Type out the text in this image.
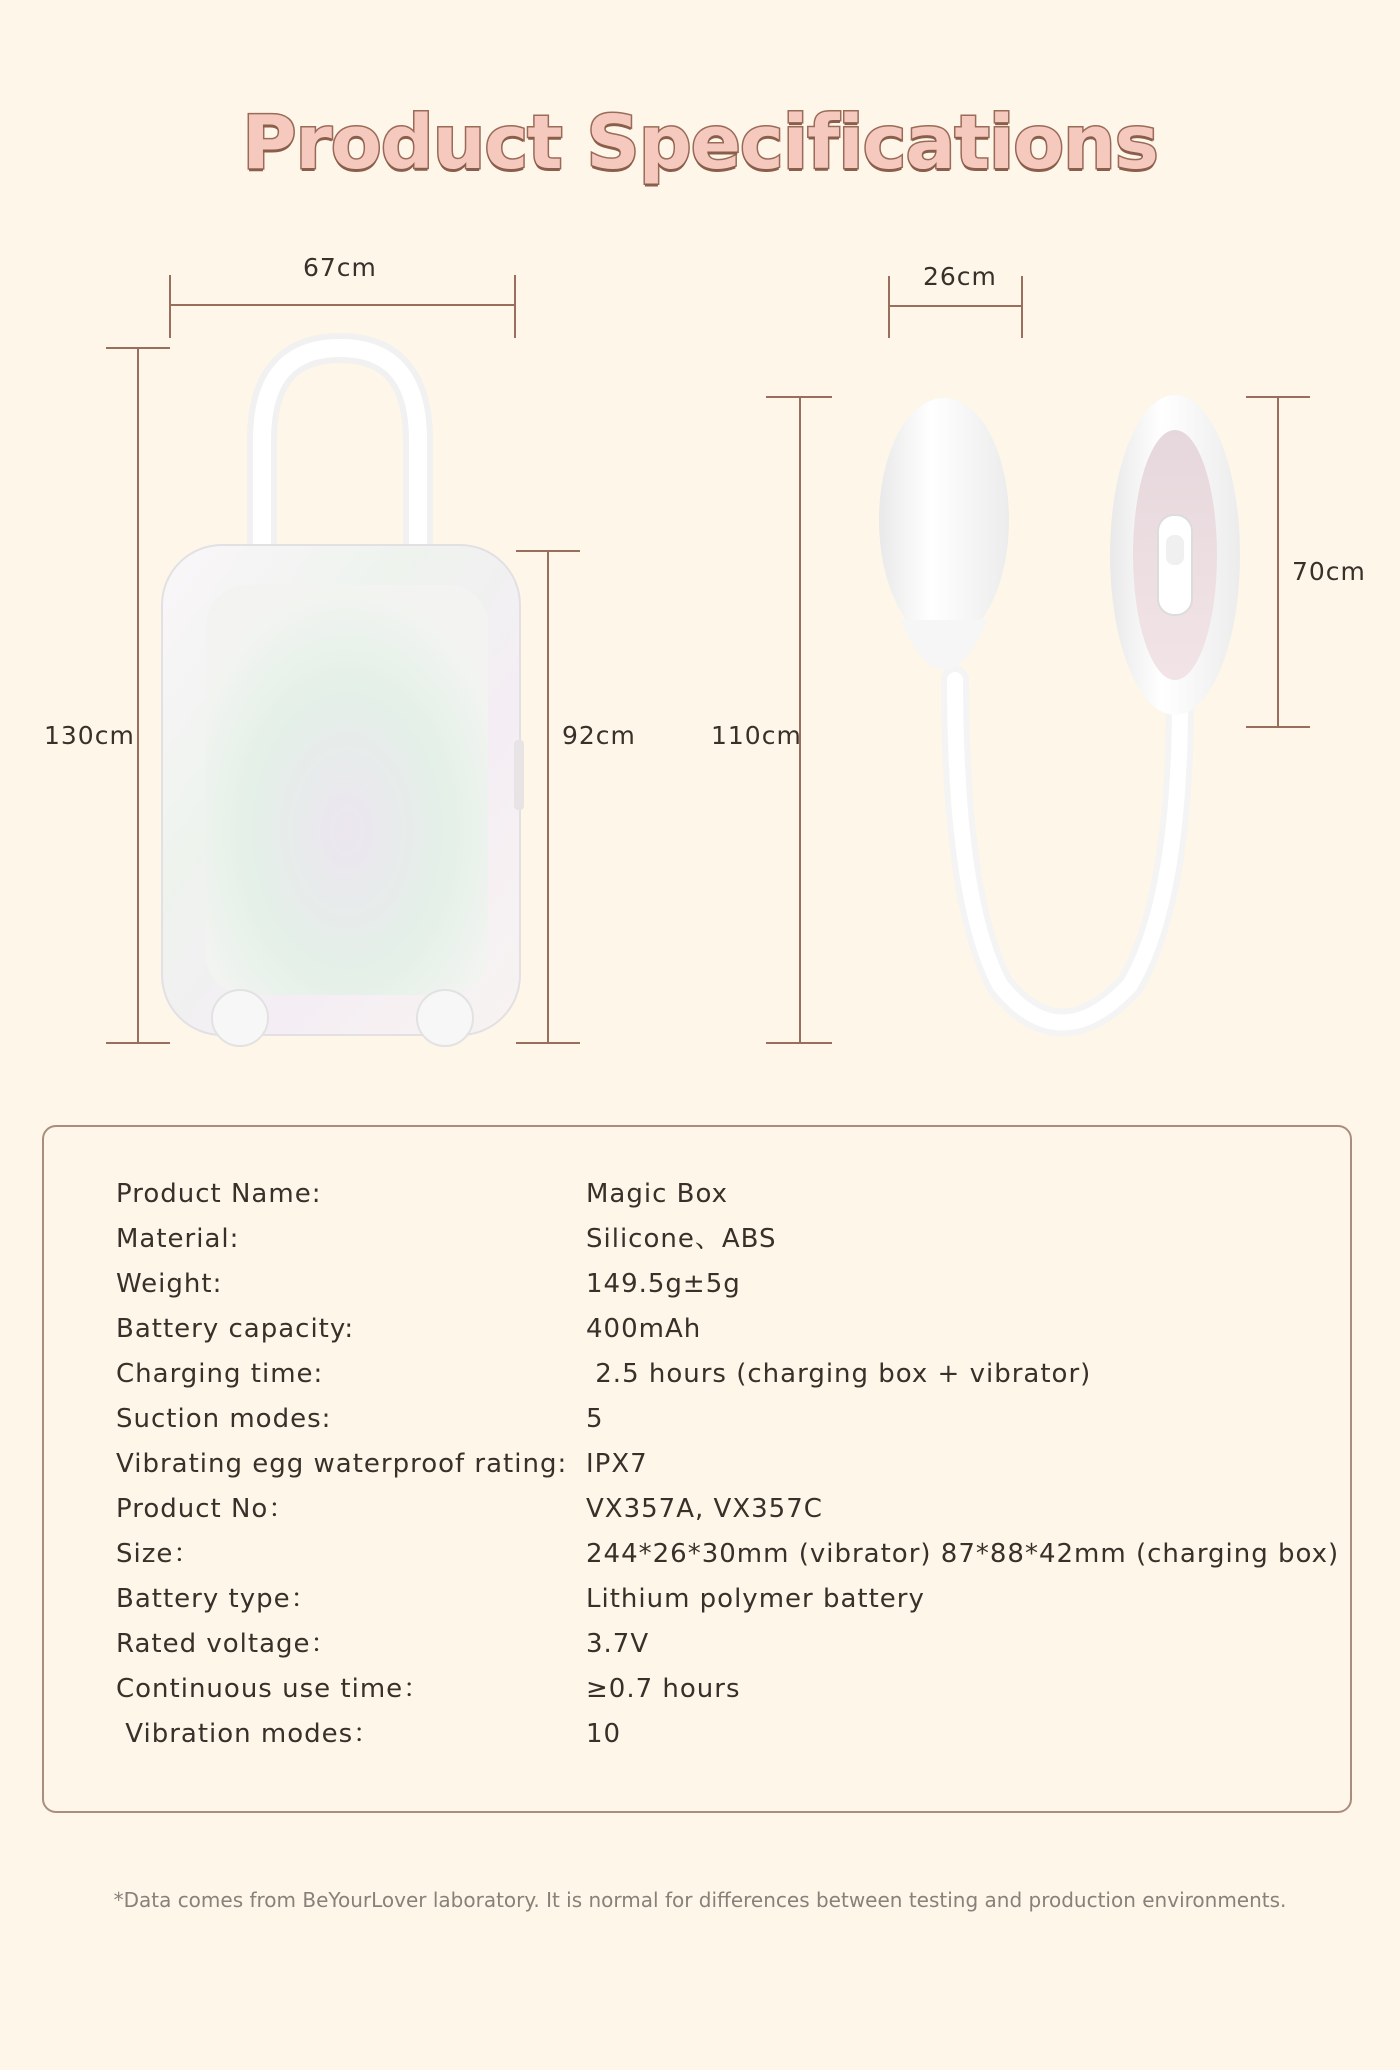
Product Specifications
67cm
130cm	92cm
26cm
110cm
70cm

Product Name:

	Magic Box

Material:

	Silicone、ABS

Weight:

	149.5g±5g

Battery capacity:

	400mAh

Charging time:

	2.5 hours (charging box + vibrator)

Suction modes:

	5

Vibrating egg waterproof rating:

IPX7

Product No：

	VX357A, VX357C

Size：

	244*26*30mm (vibrator) 87*88*42mm (charging box)

Battery type：

	Lithium polymer battery

Rated voltage：

	3.7V

Continuous use time：

	≥0.7 hours

Vibration modes：

	10

*Data comes from BeYourLover laboratory. It is normal for differences between testing and production environments.
